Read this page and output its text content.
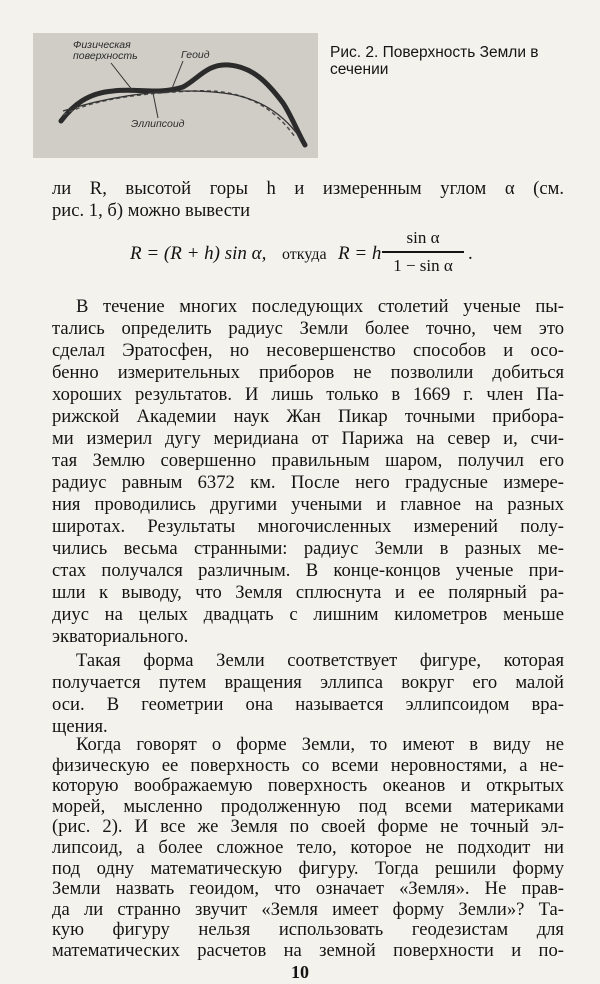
Физическая
поверхность	Геоид
Эллипсоид
Рис. 2. Поверхность Земли в сечении
ли R, высотой горы h и измеренным углом α (см.
рис. 1, б) можно вывести
R = (R + h) sin α, откуда R = h
sin α
1 − sin α
.
В течение многих последующих столетий ученые пы-
тались определить радиус Земли более точно, чем это
сделал Эратосфен, но несовершенство способов и осо-
бенно измерительных приборов не позволили добиться
хороших результатов. И лишь только в 1669 г. член Па-
рижской Академии наук Жан Пикар точными прибора-
ми измерил дугу меридиана от Парижа на север и, счи-
тая Землю совершенно правильным шаром, получил его
радиус равным 6372 км. После него градусные измере-
ния проводились другими учеными и главное на разных
широтах. Результаты многочисленных измерений полу-
чились весьма странными: радиус Земли в разных ме-
стах получался различным. В конце-концов ученые при-
шли к выводу, что Земля сплюснута и ее полярный ра-
диус на целых двадцать с лишним километров меньше
экваториального.
Такая форма Земли соответствует фигуре, которая
получается путем вращения эллипса вокруг его малой
оси. В геометрии она называется эллипсоидом вра-
щения.
Когда говорят о форме Земли, то имеют в виду не
физическую ее поверхность со всеми неровностями, а не-
которую воображаемую поверхность океанов и открытых
морей, мысленно продолженную под всеми материками
(рис. 2). И все же Земля по своей форме не точный эл-
липсоид, а более сложное тело, которое не подходит ни
под одну математическую фигуру. Тогда решили форму
Земли назвать геоидом, что означает «Земля». Не прав-
да ли странно звучит «Земля имеет форму Земли»? Та-
кую фигуру нельзя использовать геодезистам для
математических расчетов на земной поверхности и по-
10
